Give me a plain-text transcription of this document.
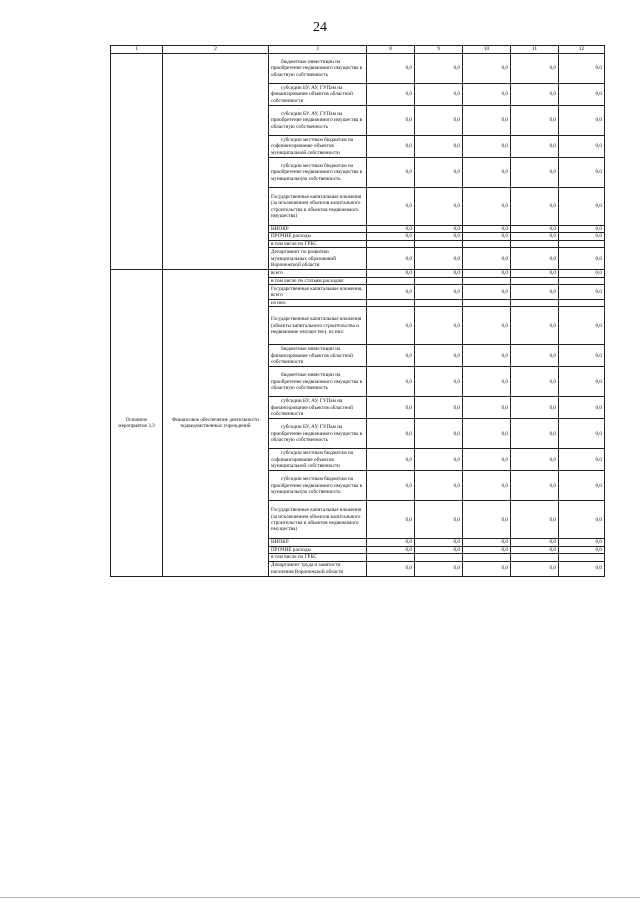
24
1	2	3	8	9	10	11	12
		бюджетные инвестиции на приобретение недвижимого имущества в областную собственность	0,0	0,0	0,0	0,0	0,0
		субсидии БУ, АУ, ГУПам на финансирование объектов областной собственности	0,0	0,0	0,0	0,0	0,0
		субсидии БУ, АУ, ГУПам на приобретение недвижимого имущества в областную собственность	0,0	0,0	0,0	0,0	0,0
		субсидии местным бюджетам на софинансирование объектов муниципальной собственности	0,0	0,0	0,0	0,0	0,0
		субсидии местным бюджетам на приобретение недвижимого имущества в муниципальную собственность	0,0	0,0	0,0	0,0	0,0
		Государственные капитальные вложения (за исключением объектов капитального строительства и объектов недвижимого имущества)	0,0	0,0	0,0	0,0	0,0
		НИОКР	0,0	0,0	0,0	0,0	0,0
		ПРОЧИЕ расходы	0,0	0,0	0,0	0,0	0,0
		в том числе по ГРБС					
		Департамент по развитию муниципальных образований Воронежской области	0,0	0,0	0,0	0,0	0,0
Основное мероприятие 3.3	Финансовое обеспечение деятельности подведомственных учреждений	всего	0,0	0,0	0,0	0,0	0,0
		в том числе по статьям расходов:					
		Государственные капитальные вложения, всего	0,0	0,0	0,0	0,0	0,0
		из них:					
		Государственные капитальные вложения (объекты капитального строительства и недвижимое имущество), из них:	0,0	0,0	0,0	0,0	0,0
		бюджетные инвестиции на финансирование объектов областной собственности	0,0	0,0	0,0	0,0	0,0
		бюджетные инвестиции на приобретение недвижимого имущества в областную собственность	0,0	0,0	0,0	0,0	0,0
		субсидии БУ, АУ, ГУПам на финансирование объектов областной собственности	0,0	0,0	0,0	0,0	0,0
		субсидии БУ, АУ, ГУПам на приобретение недвижимого имущества в областную собственность	0,0	0,0	0,0	0,0	0,0
		субсидии местным бюджетам на софинансирование объектов муниципальной собственности	0,0	0,0	0,0	0,0	0,0
		субсидии местным бюджетам на приобретение недвижимого имущества в муниципальную собственность	0,0	0,0	0,0	0,0	0,0
		Государственные капитальные вложения (за исключением объектов капитального строительства и объектов недвижимого имущества)	0,0	0,0	0,0	0,0	0,0
		НИОКР	0,0	0,0	0,0	0,0	0,0
		ПРОЧИЕ расходы	0,0	0,0	0,0	0,0	0,0
		в том числе по ГРБС					
		Департамент труда и занятости населения Воронежской области	0,0	0,0	0,0	0,0	0,0
